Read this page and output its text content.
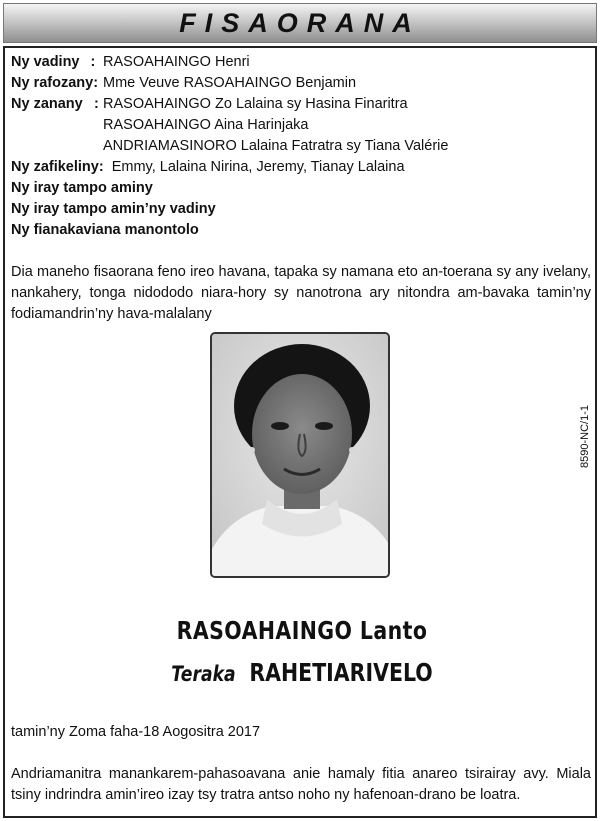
FISAORANA
Ny vadiny : RASOAHAINGO Henri
Ny rafozany: Mme Veuve RASOAHAINGO Benjamin
Ny zanany : RASOAHAINGO Zo Lalaina sy Hasina Finaritra
RASOAHAINGO Aina Harinjaka
ANDRIAMASINORO Lalaina Fatratra sy Tiana Valérie
Ny zafikeliny: Emmy, Lalaina Nirina, Jeremy, Tianay Lalaina
Ny iray tampo aminy
Ny iray tampo amin’ny vadiny
Ny fianakaviana manontolo
Dia maneho fisaorana feno ireo havana, tapaka sy namana eto an-toerana sy any ivelany, nankahery, tonga nidododo niara-hory sy nanotrona ary nitondra am-bavaka tamin’ny fodiamandrin’ny hava-malalany
8590-NC/1-1
RASOAHAINGO Lanto
Teraka RAHETIARIVELO
tamin’ny Zoma faha-18 Aogositra 2017
Andriamanitra manankarem-pahasoavana anie hamaly fitia anareo tsirairay avy. Miala tsiny indrindra amin’ireo izay tsy tratra antso noho ny hafenoan-drano be loatra.
